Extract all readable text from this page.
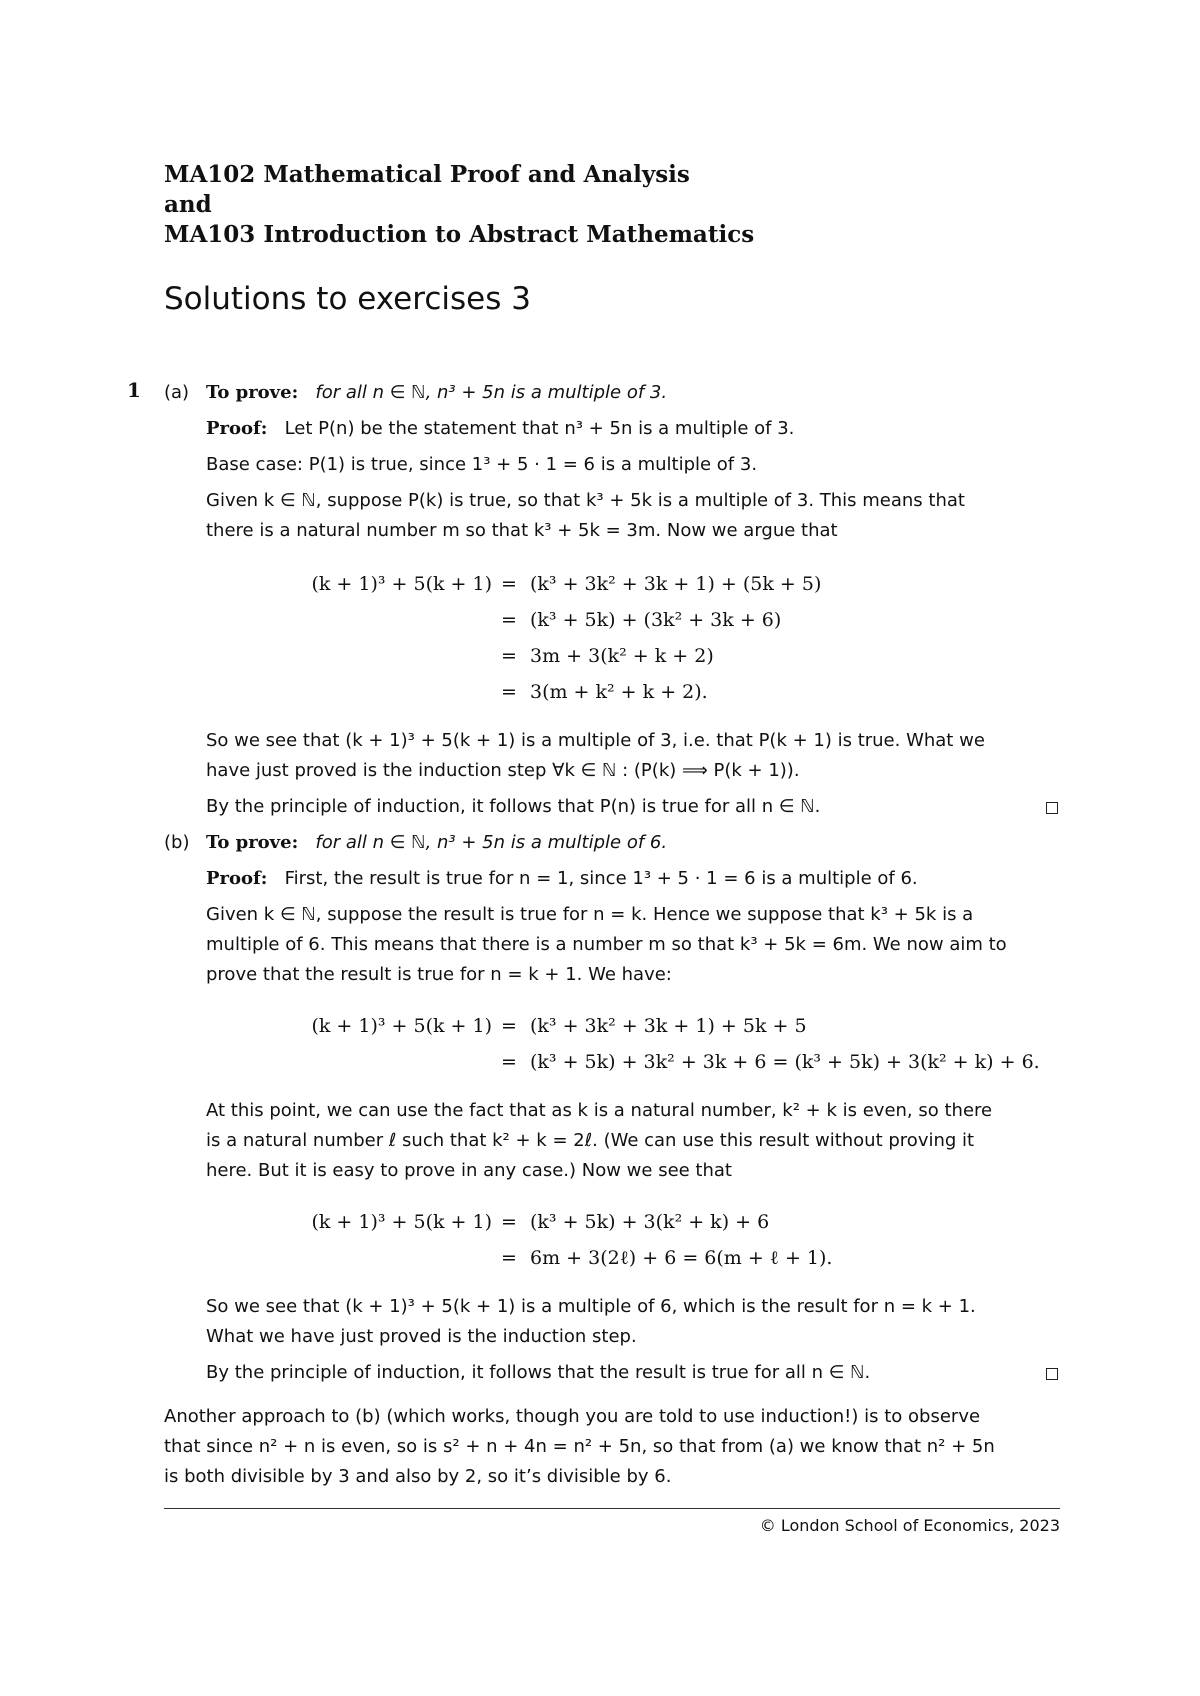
MA102 Mathematical Proof and Analysis
and
MA103 Introduction to Abstract Mathematics
Solutions to exercises 3
1 (a) To prove: for all n ∈ ℕ, n³ + 5n is a multiple of 3.
Proof: Let P(n) be the statement that n³ + 5n is a multiple of 3.
Base case: P(1) is true, since 1³ + 5 · 1 = 6 is a multiple of 3.
Given k ∈ ℕ, suppose P(k) is true, so that k³ + 5k is a multiple of 3. This means that
there is a natural number m so that k³ + 5k = 3m. Now we argue that
(k + 1)³ + 5(k + 1) = (k³ + 3k² + 3k + 1) + (5k + 5)
= (k³ + 5k) + (3k² + 3k + 6)
= 3m + 3(k² + k + 2)
= 3(m + k² + k + 2).
So we see that (k + 1)³ + 5(k + 1) is a multiple of 3, i.e. that P(k + 1) is true. What we
have just proved is the induction step ∀k ∈ ℕ : (P(k) ⟹ P(k + 1)).
By the principle of induction, it follows that P(n) is true for all n ∈ ℕ.
(b) To prove: for all n ∈ ℕ, n³ + 5n is a multiple of 6.
Proof: First, the result is true for n = 1, since 1³ + 5 · 1 = 6 is a multiple of 6.
Given k ∈ ℕ, suppose the result is true for n = k. Hence we suppose that k³ + 5k is a
multiple of 6. This means that there is a number m so that k³ + 5k = 6m. We now aim to
prove that the result is true for n = k + 1. We have:
(k + 1)³ + 5(k + 1) = (k³ + 3k² + 3k + 1) + 5k + 5
= (k³ + 5k) + 3k² + 3k + 6 = (k³ + 5k) + 3(k² + k) + 6.
At this point, we can use the fact that as k is a natural number, k² + k is even, so there
is a natural number ℓ such that k² + k = 2ℓ. (We can use this result without proving it
here. But it is easy to prove in any case.) Now we see that
(k + 1)³ + 5(k + 1) = (k³ + 5k) + 3(k² + k) + 6
= 6m + 3(2ℓ) + 6 = 6(m + ℓ + 1).
So we see that (k + 1)³ + 5(k + 1) is a multiple of 6, which is the result for n = k + 1.
What we have just proved is the induction step.
By the principle of induction, it follows that the result is true for all n ∈ ℕ.
Another approach to (b) (which works, though you are told to use induction!) is to observe
that since n² + n is even, so is s² + n + 4n = n² + 5n, so that from (a) we know that n² + 5n
is both divisible by 3 and also by 2, so it’s divisible by 6.
© London School of Economics, 2023
